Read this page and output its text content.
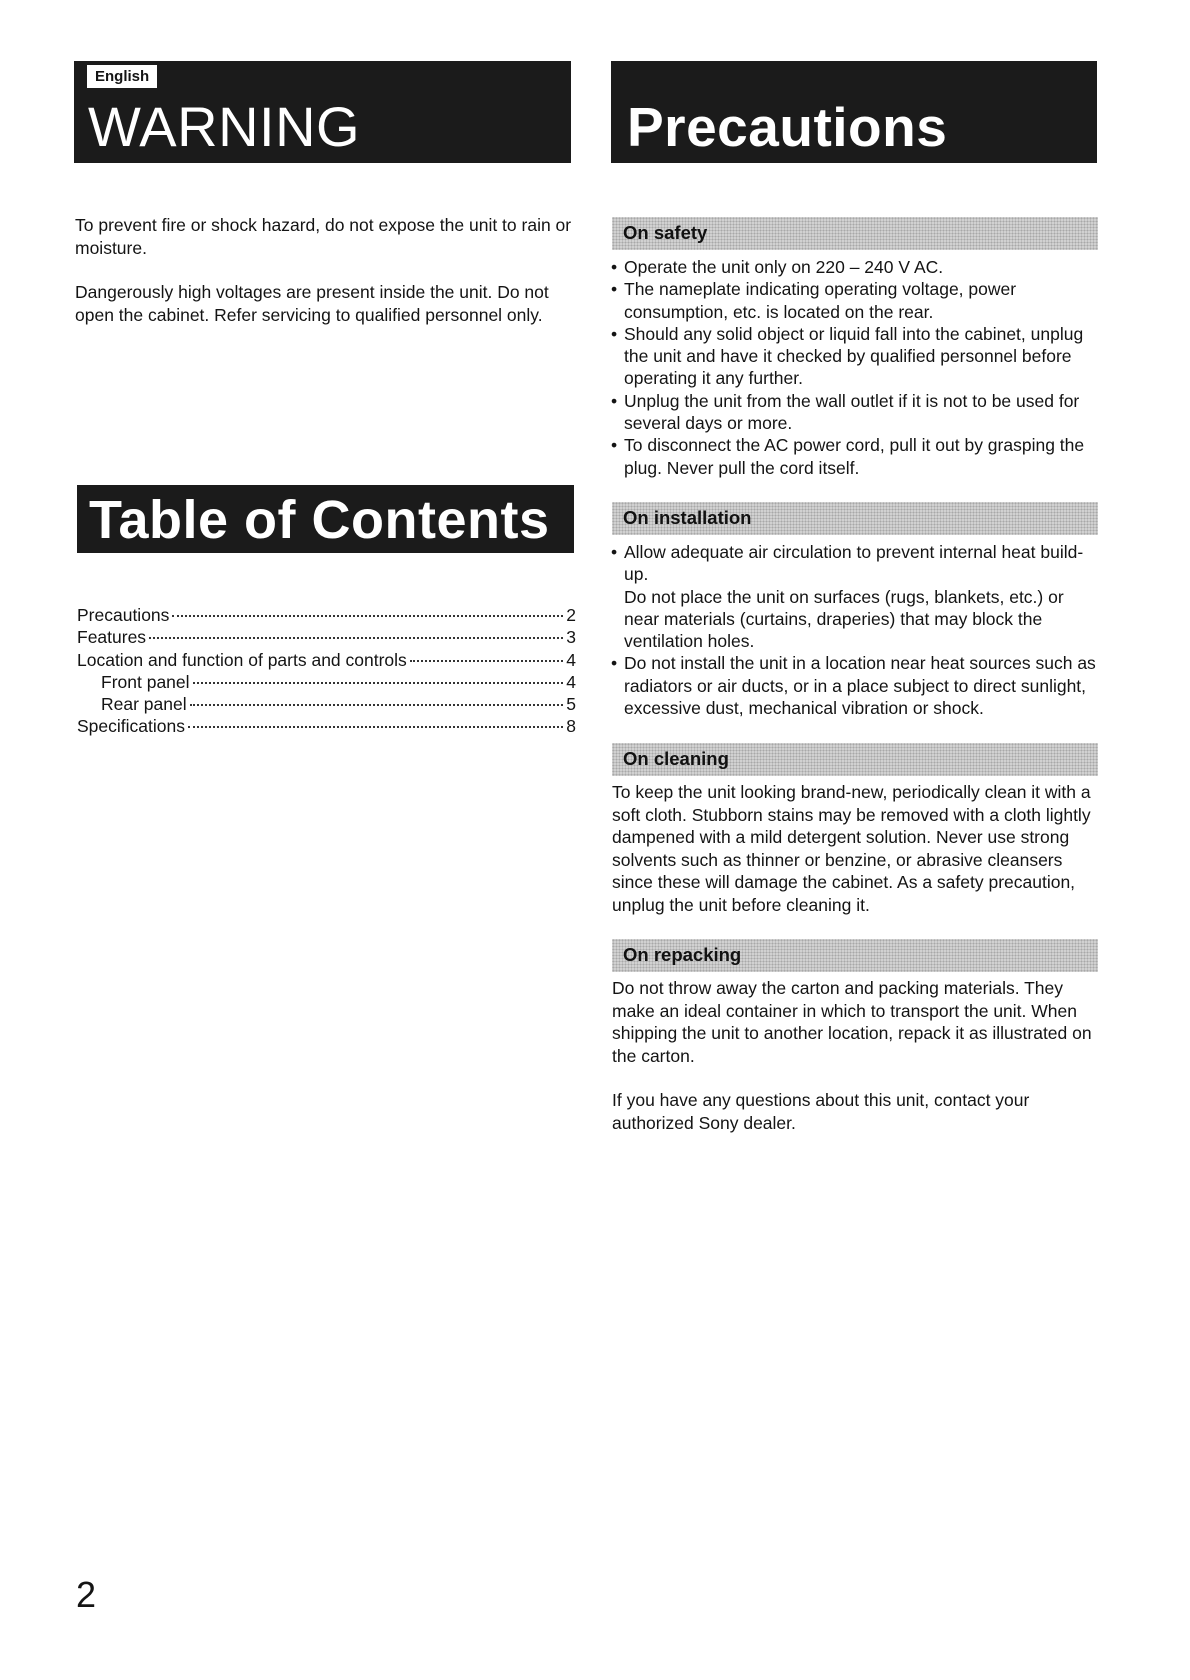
English
WARNING

To prevent fire or shock hazard, do not expose the unit to rain or moisture.

Dangerously high voltages are present inside the unit. Do not open the cabinet. Refer servicing to qualified personnel only.

Table of Contents
Precautions	2
Features	3
Location and function of parts and controls	4
Front panel	4
Rear panel	5
Specifications	8
Precautions
On safety
• Operate the unit only on 220 – 240 V AC.
• The nameplate indicating operating voltage, power consumption, etc. is located on the rear.
• Should any solid object or liquid fall into the cabinet, unplug the unit and have it checked by qualified personnel before operating it any further.
• Unplug the unit from the wall outlet if it is not to be used for several days or more.
• To disconnect the AC power cord, pull it out by grasping the plug. Never pull the cord itself.
On installation
• Allow adequate air circulation to prevent internal heat build-up.
Do not place the unit on surfaces (rugs, blankets, etc.) or near materials (curtains, draperies) that may block the ventilation holes.
• Do not install the unit in a location near heat sources such as radiators or air ducts, or in a place subject to direct sunlight, excessive dust, mechanical vibration or shock.
On cleaning

To keep the unit looking brand-new, periodically clean it with a soft cloth. Stubborn stains may be removed with a cloth lightly dampened with a mild detergent solution. Never use strong solvents such as thinner or benzine, or abrasive cleansers since these will damage the cabinet. As a safety precaution, unplug the unit before cleaning it.

On repacking

Do not throw away the carton and packing materials. They make an ideal container in which to transport the unit. When shipping the unit to another location, repack it as illustrated on the carton.

If you have any questions about this unit, contact your authorized Sony dealer.

2
